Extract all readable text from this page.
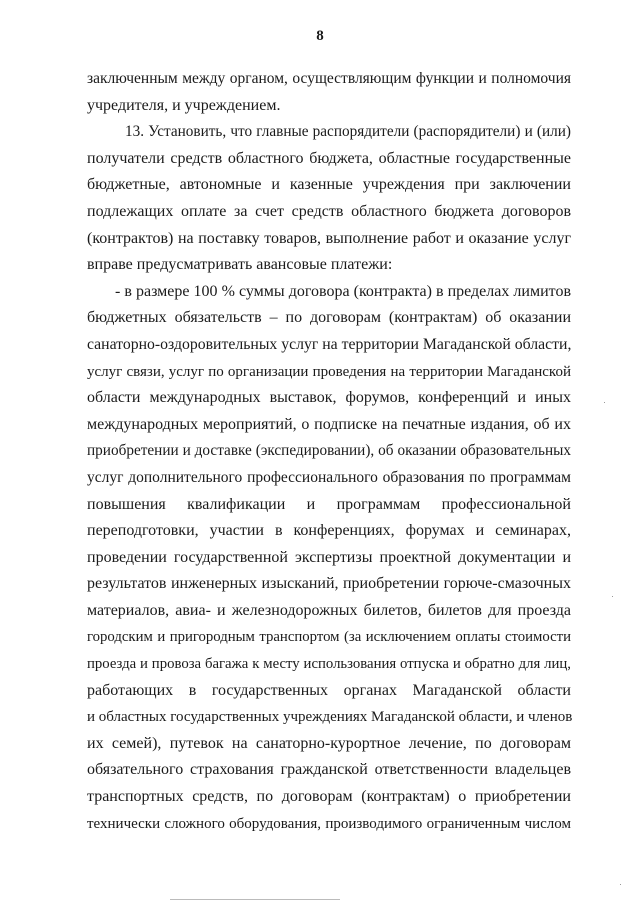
8
заключенным между органом, осуществляющим функции и полномочия
учредителя, и учреждением.
13. Установить, что главные распорядители (распорядители) и (или)
получатели средств областного бюджета, областные государственные
бюджетные, автономные и казенные учреждения при заключении
подлежащих оплате за счет средств областного бюджета договоров
(контрактов) на поставку товаров, выполнение работ и оказание услуг
вправе предусматривать авансовые платежи:
- в размере 100 % суммы договора (контракта) в пределах лимитов
бюджетных обязательств – по договорам (контрактам) об оказании
санаторно-оздоровительных услуг на территории Магаданской области,
услуг связи, услуг по организации проведения на территории Магаданской
области международных выставок, форумов, конференций и иных
международных мероприятий, о подписке на печатные издания, об их
приобретении и доставке (экспедировании), об оказании образовательных
услуг дополнительного профессионального образования по программам
повышения квалификации и программам профессиональной
переподготовки, участии в конференциях, форумах и семинарах,
проведении государственной экспертизы проектной документации и
результатов инженерных изысканий, приобретении горюче-смазочных
материалов, авиа- и железнодорожных билетов, билетов для проезда
городским и пригородным транспортом (за исключением оплаты стоимости
проезда и провоза багажа к месту использования отпуска и обратно для лиц,
работающих в государственных органах Магаданской области
и областных государственных учреждениях Магаданской области, и членов
их семей), путевок на санаторно-курортное лечение, по договорам
обязательного страхования гражданской ответственности владельцев
транспортных средств, по договорам (контрактам) о приобретении
технически сложного оборудования, производимого ограниченным числом
